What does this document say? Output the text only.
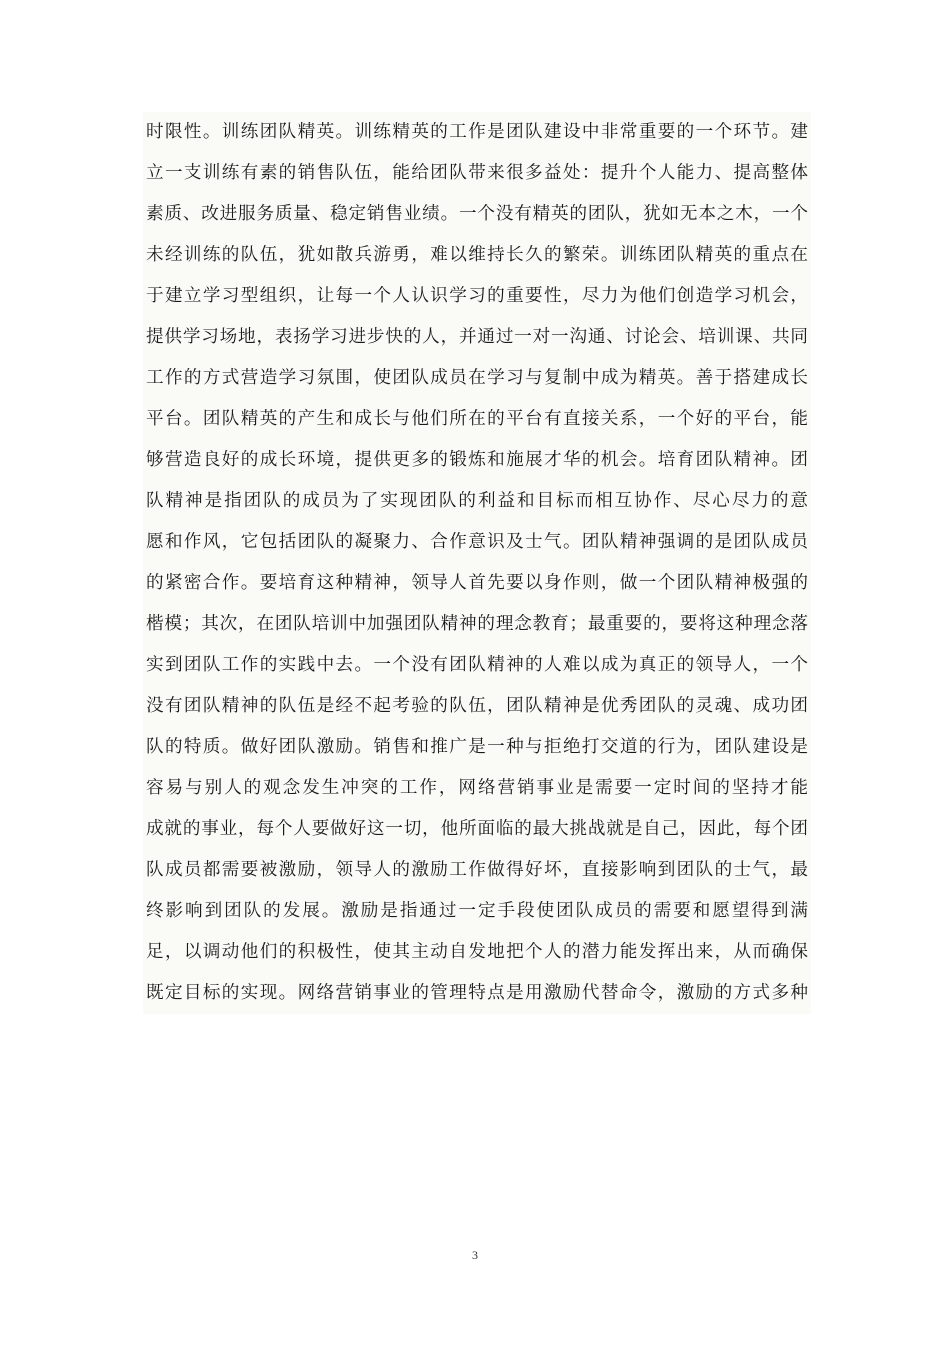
时限性。训练团队精英。训练精英的工作是团队建设中非常重要的一个环节。建
立一支训练有素的销售队伍，能给团队带来很多益处：提升个人能力、提高整体
素质、改进服务质量、稳定销售业绩。一个没有精英的团队，犹如无本之木，一个
未经训练的队伍，犹如散兵游勇，难以维持长久的繁荣。训练团队精英的重点在
于建立学习型组织，让每一个人认识学习的重要性，尽力为他们创造学习机会，
提供学习场地，表扬学习进步快的人，并通过一对一沟通、讨论会、培训课、共同
工作的方式营造学习氛围，使团队成员在学习与复制中成为精英。善于搭建成长
平台。团队精英的产生和成长与他们所在的平台有直接关系，一个好的平台，能
够营造良好的成长环境，提供更多的锻炼和施展才华的机会。培育团队精神。团
队精神是指团队的成员为了实现团队的利益和目标而相互协作、尽心尽力的意
愿和作风，它包括团队的凝聚力、合作意识及士气。团队精神强调的是团队成员
的紧密合作。要培育这种精神，领导人首先要以身作则，做一个团队精神极强的
楷模；其次，在团队培训中加强团队精神的理念教育；最重要的，要将这种理念落
实到团队工作的实践中去。一个没有团队精神的人难以成为真正的领导人，一个
没有团队精神的队伍是经不起考验的队伍，团队精神是优秀团队的灵魂、成功团
队的特质。做好团队激励。销售和推广是一种与拒绝打交道的行为，团队建设是
容易与别人的观念发生冲突的工作，网络营销事业是需要一定时间的坚持才能
成就的事业，每个人要做好这一切，他所面临的最大挑战就是自己，因此，每个团
队成员都需要被激励，领导人的激励工作做得好坏，直接影响到团队的士气，最
终影响到团队的发展。激励是指通过一定手段使团队成员的需要和愿望得到满
足，以调动他们的积极性，使其主动自发地把个人的潜力能发挥出来，从而确保
既定目标的实现。网络营销事业的管理特点是用激励代替命令，激励的方式多种
3
